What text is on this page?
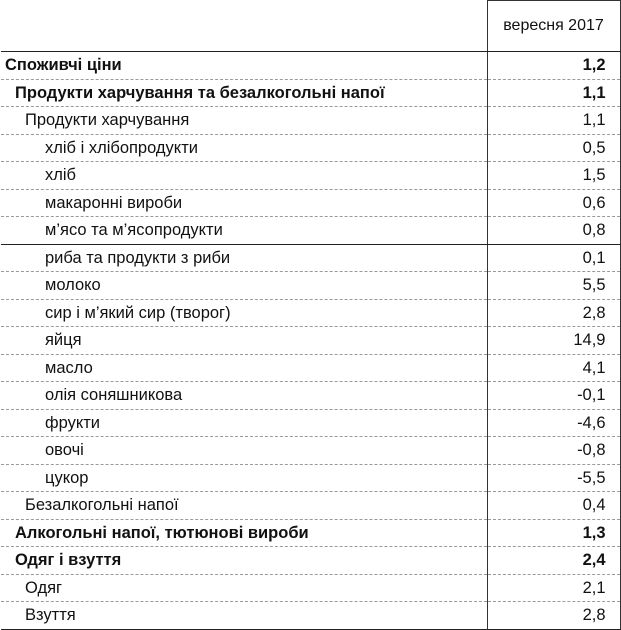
	вересня 2017
Споживчі ціни	1,2
Продукти харчування та безалкогольні напої	1,1
Продукти харчування	1,1
хліб і хлібопродукти	0,5
хліб	1,5
макаронні вироби	0,6
м’ясо та м’ясопродукти	0,8
риба та продукти з риби	0,1
молоко	5,5
сир і м’який сир (творог)	2,8
яйця	14,9
масло	4,1
олія соняшникова	-0,1
фрукти	-4,6
овочі	-0,8
цукор	-5,5
Безалкогольні напої	0,4
Алкогольні напої, тютюнові вироби	1,3
Одяг і взуття	2,4
Одяг	2,1
Взуття	2,8
